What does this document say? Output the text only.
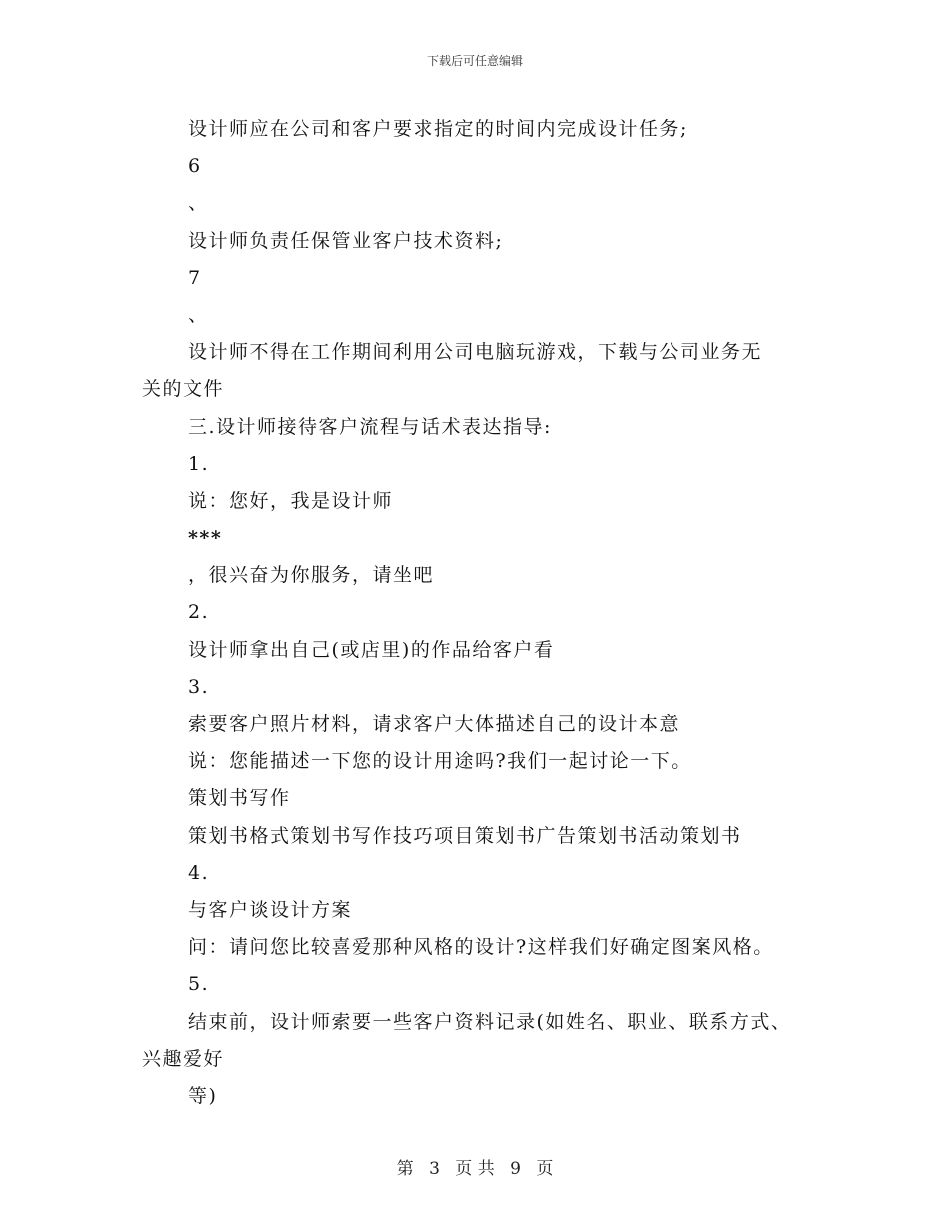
下载后可任意编辑
设计师应在公司和客户要求指定的时间内完成设计任务;
6
、
设计师负责任保管业客户技术资料;
7
、
设计师不得在工作期间利用公司电脑玩游戏，下载与公司业务无
关的文件
三.设计师接待客户流程与话术表达指导:
1.
说：您好，我是设计师
***
，很兴奋为你服务，请坐吧
2.
设计师拿出自己(或店里)的作品给客户看
3.
索要客户照片材料，请求客户大体描述自己的设计本意
说：您能描述一下您的设计用途吗?我们一起讨论一下。
策划书写作
策划书格式策划书写作技巧项目策划书广告策划书活动策划书
4.
与客户谈设计方案
问：请问您比较喜爱那种风格的设计?这样我们好确定图案风格。
5.
结束前，设计师索要一些客户资料记录(如姓名、职业、联系方式、
兴趣爱好
等)
第 3 页 共 9 页
